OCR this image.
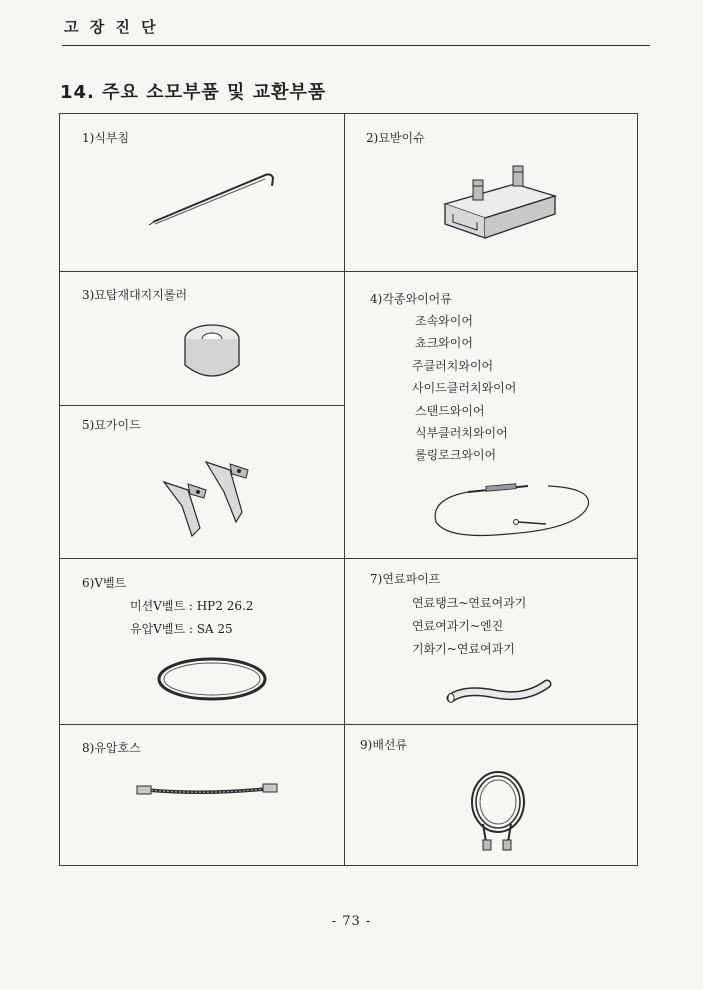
고 장 진 단
14. 주요 소모부품 및 교환부품
1)식부침	2)묘받이슈
3)묘탑재대지지롤러	4)각종와이어류
조속와이어
쵸크와이어
주클러치와이어
사이드클러치와이어
스탠드와이어
식부클러치와이어
롤링로크와이어
5)묘가이드
6)V벨트
미션V벨트 : HP2 26.2
유압V벨트 : SA 25
7)연료파이프
연료탱크~연료여과기
연료여과기~엔진
기화기~연료여과기
8)유압호스	9)배선류
- 73 -
